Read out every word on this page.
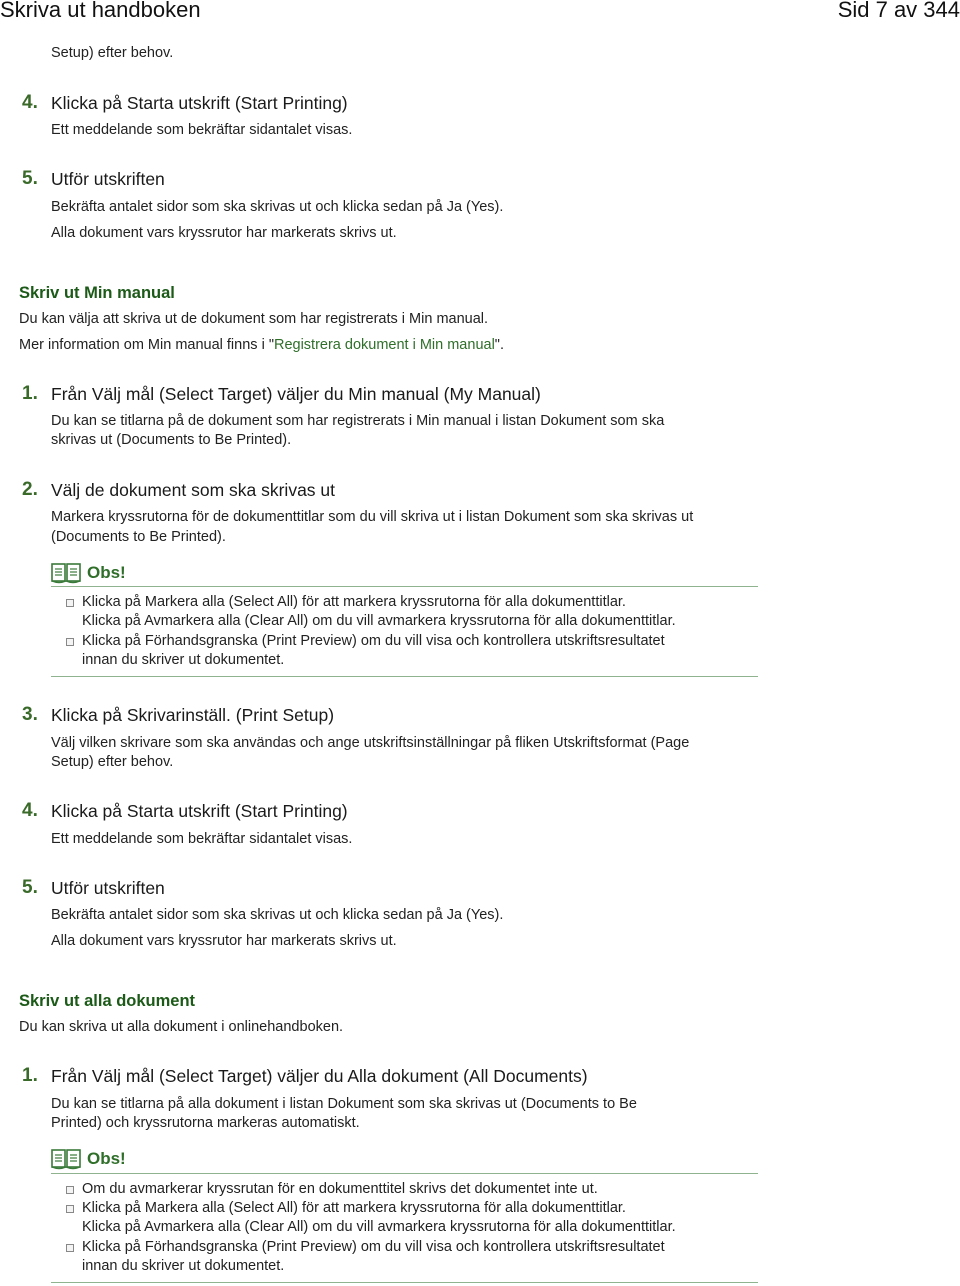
Skriva ut handboken	Sid 7 av 344
Setup) efter behov.
4. Klicka på Starta utskrift (Start Printing)
Ett meddelande som bekräftar sidantalet visas.
5. Utför utskriften
Bekräfta antalet sidor som ska skrivas ut och klicka sedan på Ja (Yes).
Alla dokument vars kryssrutor har markerats skrivs ut.
Skriv ut Min manual
Du kan välja att skriva ut de dokument som har registrerats i Min manual.
Mer information om Min manual finns i "Registrera dokument i Min manual".
1. Från Välj mål (Select Target) väljer du Min manual (My Manual)
Du kan se titlarna på de dokument som har registrerats i Min manual i listan Dokument som ska
skrivas ut (Documents to Be Printed).
2. Välj de dokument som ska skrivas ut
Markera kryssrutorna för de dokumenttitlar som du vill skriva ut i listan Dokument som ska skrivas ut
(Documents to Be Printed).
Obs!
Klicka på Markera alla (Select All) för att markera kryssrutorna för alla dokumenttitlar.
Klicka på Avmarkera alla (Clear All) om du vill avmarkera kryssrutorna för alla dokumenttitlar.
Klicka på Förhandsgranska (Print Preview) om du vill visa och kontrollera utskriftsresultatet
innan du skriver ut dokumentet.
3. Klicka på Skrivarinställ. (Print Setup)
Välj vilken skrivare som ska användas och ange utskriftsinställningar på fliken Utskriftsformat (Page
Setup) efter behov.
4. Klicka på Starta utskrift (Start Printing)
Ett meddelande som bekräftar sidantalet visas.
5. Utför utskriften
Bekräfta antalet sidor som ska skrivas ut och klicka sedan på Ja (Yes).
Alla dokument vars kryssrutor har markerats skrivs ut.
Skriv ut alla dokument
Du kan skriva ut alla dokument i onlinehandboken.
1. Från Välj mål (Select Target) väljer du Alla dokument (All Documents)
Du kan se titlarna på alla dokument i listan Dokument som ska skrivas ut (Documents to Be
Printed) och kryssrutorna markeras automatiskt.
Obs!
Om du avmarkerar kryssrutan för en dokumenttitel skrivs det dokumentet inte ut.
Klicka på Markera alla (Select All) för att markera kryssrutorna för alla dokumenttitlar.
Klicka på Avmarkera alla (Clear All) om du vill avmarkera kryssrutorna för alla dokumenttitlar.
Klicka på Förhandsgranska (Print Preview) om du vill visa och kontrollera utskriftsresultatet
innan du skriver ut dokumentet.
